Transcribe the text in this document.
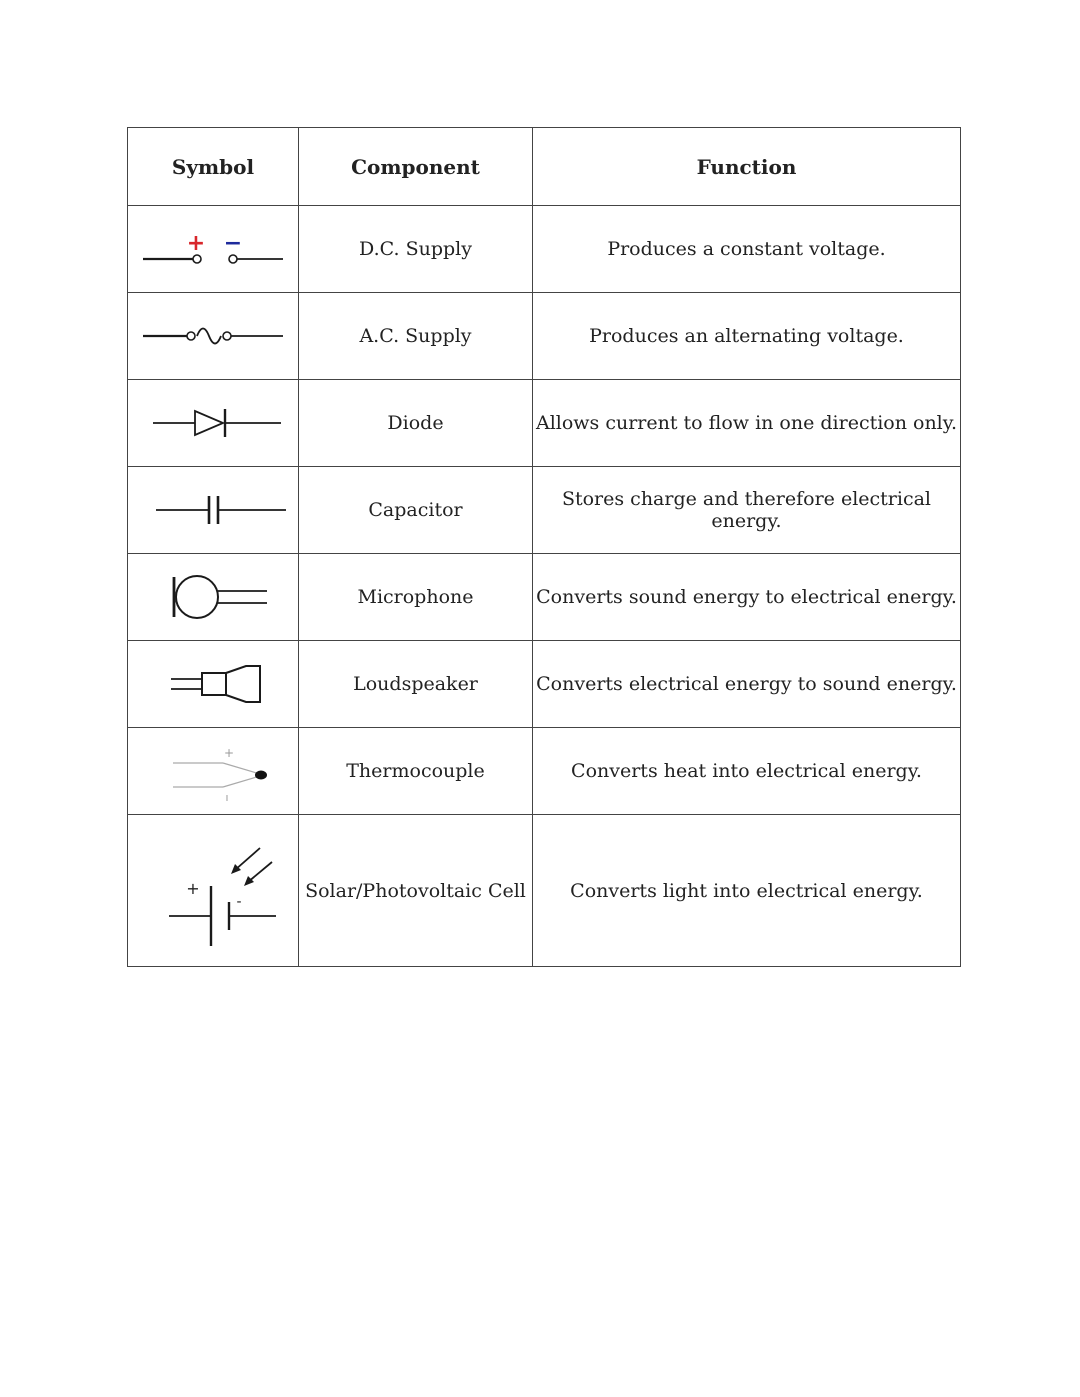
Symbol	Component	Function

+ −	D.C. Supply	Produces a constant voltage.

	A.C. Supply	Produces an alternating voltage.

	Diode	Allows current to flow in one direction only.

	Capacitor	Stores charge and therefore electrical energy.

	Microphone	Converts sound energy to electrical energy.

	Loudspeaker	Converts electrical energy to sound energy.

+
I	Thermocouple	Converts heat into electrical energy.

+
-	Solar/Photovoltaic Cell	Converts light into electrical energy.
